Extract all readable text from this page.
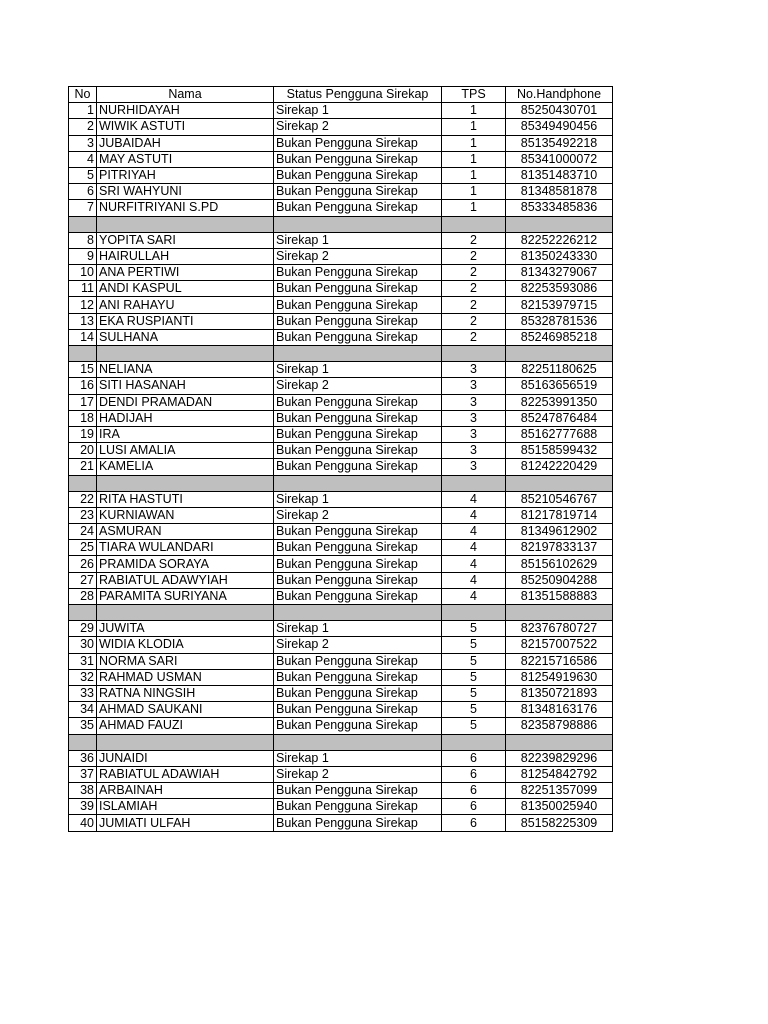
No	Nama	Status Pengguna Sirekap	TPS	No.Handphone
1	NURHIDAYAH	Sirekap 1	1	85250430701
2	WIWIK ASTUTI	Sirekap 2	1	85349490456
3	JUBAIDAH	Bukan Pengguna Sirekap	1	85135492218
4	MAY ASTUTI	Bukan Pengguna Sirekap	1	85341000072
5	PITRIYAH	Bukan Pengguna Sirekap	1	81351483710
6	SRI WAHYUNI	Bukan Pengguna Sirekap	1	81348581878
7	NURFITRIYANI S.PD	Bukan Pengguna Sirekap	1	85333485836

8	YOPITA SARI	Sirekap 1	2	82252226212
9	HAIRULLAH	Sirekap 2	2	81350243330
10	ANA PERTIWI	Bukan Pengguna Sirekap	2	81343279067
11	ANDI KASPUL	Bukan Pengguna Sirekap	2	82253593086
12	ANI RAHAYU	Bukan Pengguna Sirekap	2	82153979715
13	EKA RUSPIANTI	Bukan Pengguna Sirekap	2	85328781536
14	SULHANA	Bukan Pengguna Sirekap	2	85246985218

15	NELIANA	Sirekap 1	3	82251180625
16	SITI HASANAH	Sirekap 2	3	85163656519
17	DENDI PRAMADAN	Bukan Pengguna Sirekap	3	82253991350
18	HADIJAH	Bukan Pengguna Sirekap	3	85247876484
19	IRA	Bukan Pengguna Sirekap	3	85162777688
20	LUSI AMALIA	Bukan Pengguna Sirekap	3	85158599432
21	KAMELIA	Bukan Pengguna Sirekap	3	81242220429

22	RITA HASTUTI	Sirekap 1	4	85210546767
23	KURNIAWAN	Sirekap 2	4	81217819714
24	ASMURAN	Bukan Pengguna Sirekap	4	81349612902
25	TIARA WULANDARI	Bukan Pengguna Sirekap	4	82197833137
26	PRAMIDA SORAYA	Bukan Pengguna Sirekap	4	85156102629
27	RABIATUL ADAWYIAH	Bukan Pengguna Sirekap	4	85250904288
28	PARAMITA SURIYANA	Bukan Pengguna Sirekap	4	81351588883

29	JUWITA	Sirekap 1	5	82376780727
30	WIDIA KLODIA	Sirekap 2	5	82157007522
31	NORMA SARI	Bukan Pengguna Sirekap	5	82215716586
32	RAHMAD USMAN	Bukan Pengguna Sirekap	5	81254919630
33	RATNA NINGSIH	Bukan Pengguna Sirekap	5	81350721893
34	AHMAD SAUKANI	Bukan Pengguna Sirekap	5	81348163176
35	AHMAD FAUZI	Bukan Pengguna Sirekap	5	82358798886

36	JUNAIDI	Sirekap 1	6	82239829296
37	RABIATUL ADAWIAH	Sirekap 2	6	81254842792
38	ARBAINAH	Bukan Pengguna Sirekap	6	82251357099
39	ISLAMIAH	Bukan Pengguna Sirekap	6	81350025940
40	JUMIATI ULFAH	Bukan Pengguna Sirekap	6	85158225309
